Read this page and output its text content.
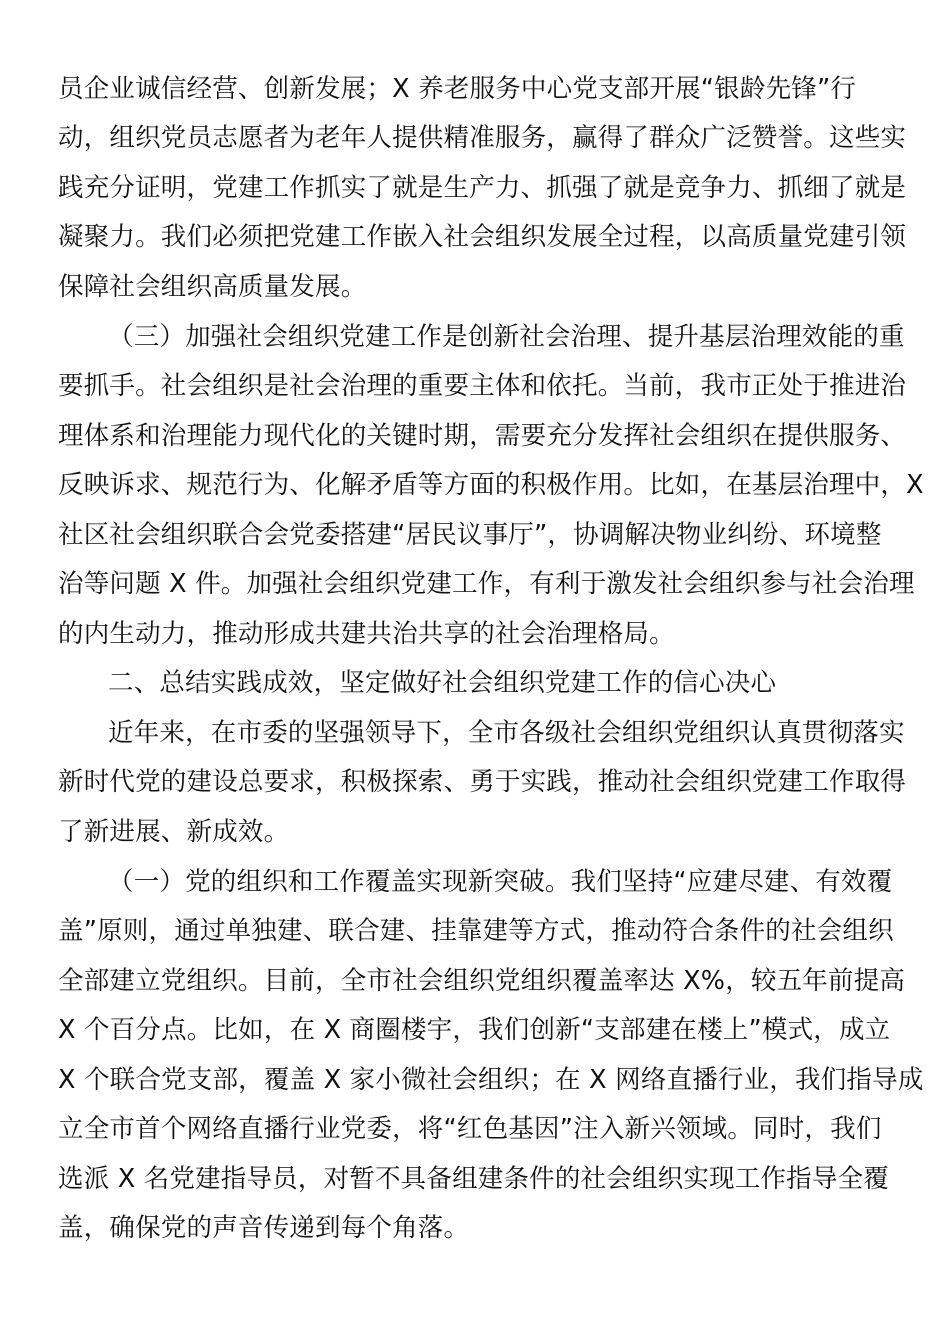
员企业诚信经营、创新发展；X 养老服务中心党支部开展“银龄先锋”行
动，组织党员志愿者为老年人提供精准服务，赢得了群众广泛赞誉。这些实
践充分证明，党建工作抓实了就是生产力、抓强了就是竞争力、抓细了就是
凝聚力。我们必须把党建工作嵌入社会组织发展全过程，以高质量党建引领
保障社会组织高质量发展。
（三）加强社会组织党建工作是创新社会治理、提升基层治理效能的重
要抓手。社会组织是社会治理的重要主体和依托。当前，我市正处于推进治
理体系和治理能力现代化的关键时期，需要充分发挥社会组织在提供服务、
反映诉求、规范行为、化解矛盾等方面的积极作用。比如，在基层治理中，X
社区社会组织联合会党委搭建“居民议事厅”，协调解决物业纠纷、环境整
治等问题 X 件。加强社会组织党建工作，有利于激发社会组织参与社会治理
的内生动力，推动形成共建共治共享的社会治理格局。
二、总结实践成效，坚定做好社会组织党建工作的信心决心
近年来，在市委的坚强领导下，全市各级社会组织党组织认真贯彻落实
新时代党的建设总要求，积极探索、勇于实践，推动社会组织党建工作取得
了新进展、新成效。
（一）党的组织和工作覆盖实现新突破。我们坚持“应建尽建、有效覆
盖”原则，通过单独建、联合建、挂靠建等方式，推动符合条件的社会组织
全部建立党组织。目前，全市社会组织党组织覆盖率达 X%，较五年前提高
X 个百分点。比如，在 X 商圈楼宇，我们创新“支部建在楼上”模式，成立
X 个联合党支部，覆盖 X 家小微社会组织；在 X 网络直播行业，我们指导成
立全市首个网络直播行业党委，将“红色基因”注入新兴领域。同时，我们
选派 X 名党建指导员，对暂不具备组建条件的社会组织实现工作指导全覆
盖，确保党的声音传递到每个角落。
